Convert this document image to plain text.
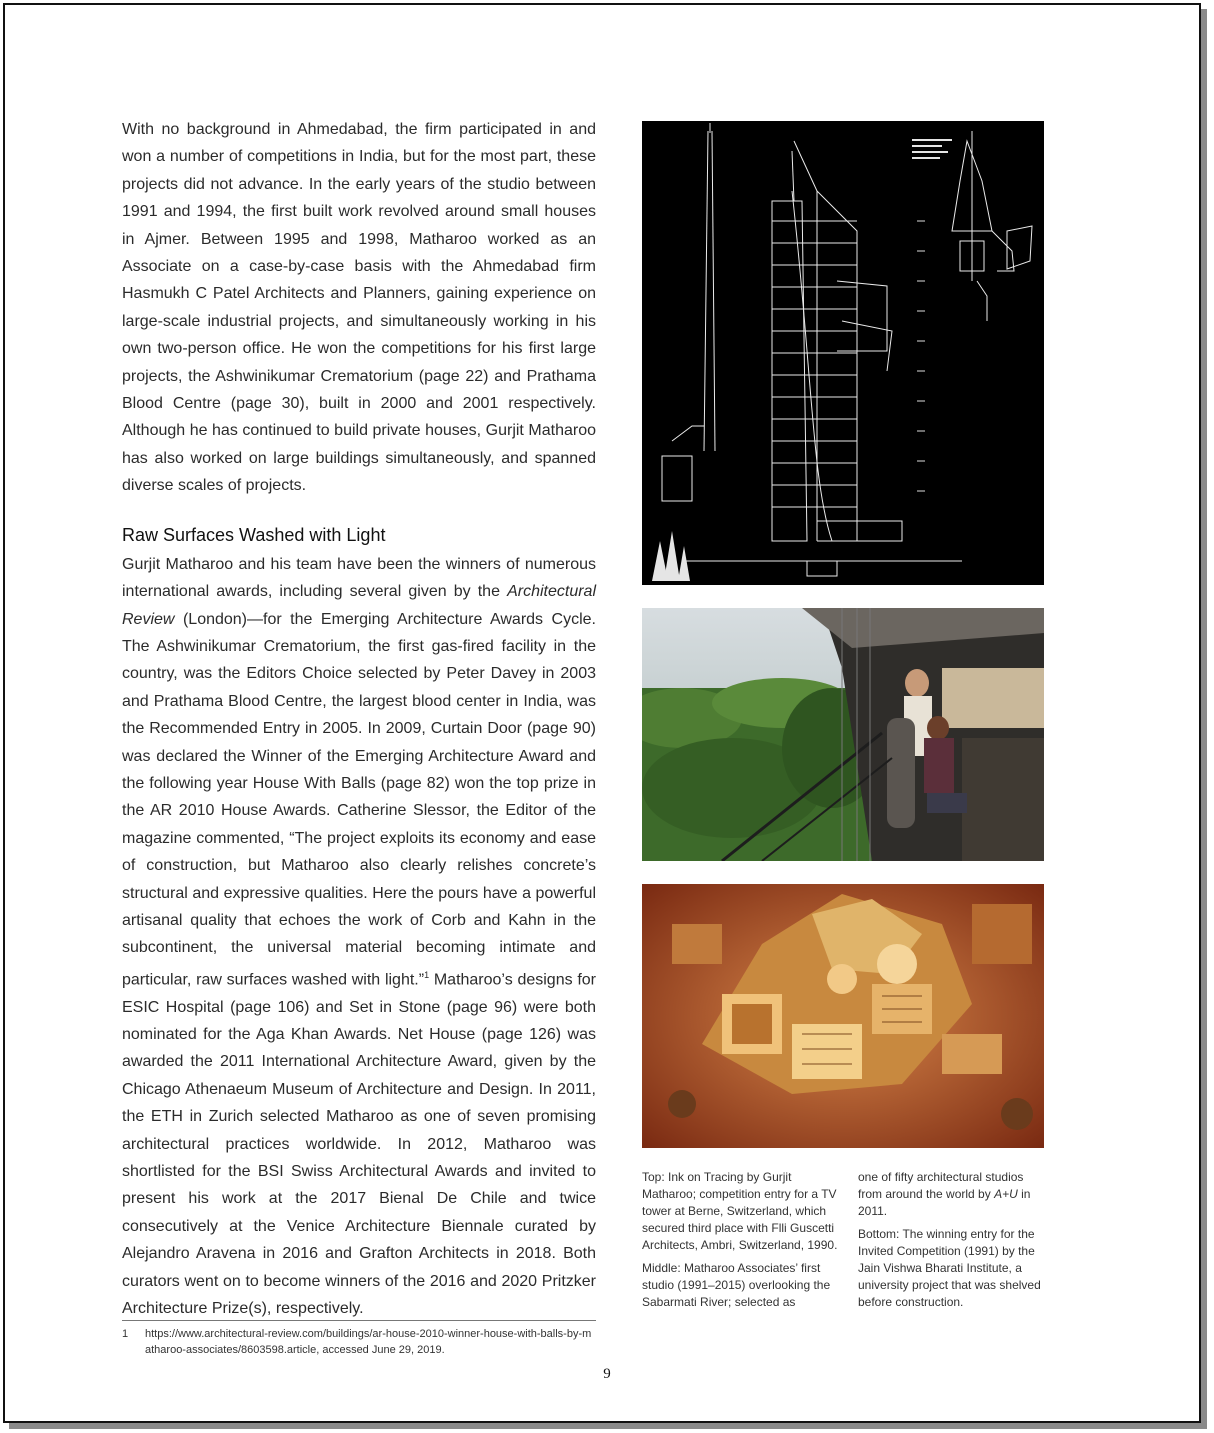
With no background in Ahmedabad, the firm participated in and won a number of competitions in India, but for the most part, these projects did not advance. In the early years of the studio between 1991 and 1994, the first built work revolved around small houses in Ajmer. Between 1995 and 1998, Matharoo worked as an Associate on a case-by-case basis with the Ahmedabad firm Hasmukh C Patel Architects and Planners, gaining experience on large-scale industrial projects, and simultaneously working in his own two-person office. He won the competitions for his first large projects, the Ashwinikumar Crematorium (page 22) and Prathama Blood Centre (page 30), built in 2000 and 2001 respectively. Although he has continued to build private houses, Gurjit Matharoo has also worked on large buildings simultaneously, and spanned diverse scales of projects.

Raw Surfaces Washed with Light

Gurjit Matharoo and his team have been the winners of numerous international awards, including several given by the Architectural Review (London)—for the Emerging Architecture Awards Cycle. The Ashwinikumar Crematorium, the first gas-fired facility in the country, was the Editors Choice selected by Peter Davey in 2003 and Prathama Blood Centre, the largest blood center in India, was the Recommended Entry in 2005. In 2009, Curtain Door (page 90) was declared the Winner of the Emerging Architecture Award and the following year House With Balls (page 82) won the top prize in the AR 2010 House Awards. Catherine Slessor, the Editor of the magazine commented, “The project exploits its economy and ease of construction, but Matharoo also clearly relishes concrete’s structural and expressive qualities. Here the pours have a powerful artisanal quality that echoes the work of Corb and Kahn in the subcontinent, the universal material becoming intimate and particular, raw surfaces washed with light.”$^1$ Matharoo’s designs for ESIC Hospital (page 106) and Set in Stone (page 96) were both nominated for the Aga Khan Awards. Net House (page 126) was awarded the 2011 International Architecture Award, given by the Chicago Athenaeum Museum of Architecture and Design. In 2011, the ETH in Zurich selected Matharoo as one of seven promising architectural practices worldwide. In 2012, Matharoo was shortlisted for the BSI Swiss Architectural Awards and invited to present his work at the 2017 Bienal De Chile and twice consecutively at the Venice Architecture Biennale curated by Alejandro Aravena in 2016 and Grafton Architects in 2018. Both curators went on to become winners of the 2016 and 2020 Pritzker Architecture Prize(s), respectively.

1	https://www.architectural-review.com/buildings/ar-house-2010-winner-house-with-balls-by-matharoo-associates/8603598.article, accessed June 29, 2019.
9

Top: Ink on Tracing by Gurjit Matharoo; competition entry for a TV tower at Berne, Switzerland, which secured third place with Flli Guscetti Architects, Ambri, Switzerland, 1990.

Middle: Matharoo Associates’ first studio (1991–2015) overlooking the Sabarmati River; selected as

one of fifty architectural studios from around the world by A+U in 2011.

Bottom: The winning entry for the Invited Competition (1991) by the Jain Vishwa Bharati Institute, a university project that was shelved before construction.
